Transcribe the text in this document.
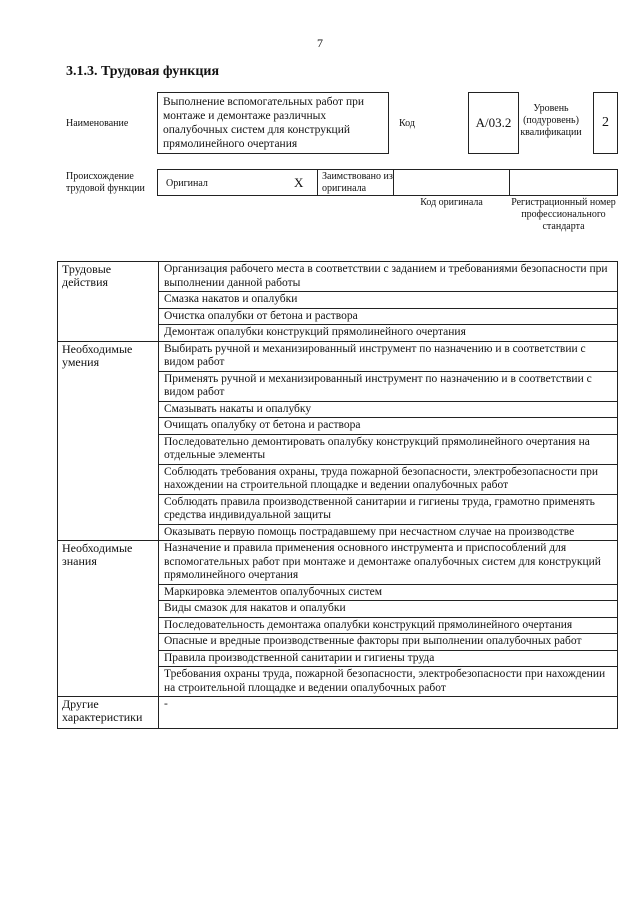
7
3.1.3. Трудовая функция
Наименование
Выполнение вспомогательных работ при монтаже и демонтаже различных опалубочных систем для конструкций прямолинейного очертания
Код	А/03.2
Уровень (подуровень) квалификации
2
Происхождение трудовой функции	Оригинал	X Заимствовано из оригинала
Код оригинала	Регистрационный номер профессионального стандарта
Трудовые действия	Организация рабочего места в соответствии с заданием и требованиями безопасности при выполнении данной работы
	Смазка накатов и опалубки
	Очистка опалубки от бетона и раствора
	Демонтаж опалубки конструкций прямолинейного очертания
Необходимые умения	Выбирать ручной и механизированный инструмент по назначению и в соответствии с видом работ
	Применять ручной и механизированный инструмент по назначению и в соответствии с видом работ
	Смазывать накаты и опалубку
	Очищать опалубку от бетона и раствора
	Последовательно демонтировать опалубку конструкций прямолинейного очертания на отдельные элементы
	Соблюдать требования охраны, труда пожарной безопасности, электробезопасности при нахождении на строительной площадке и ведении опалубочных работ
	Соблюдать правила производственной санитарии и гигиены труда, грамотно применять средства индивидуальной защиты
	Оказывать первую помощь пострадавшему при несчастном случае на производстве
Необходимые знания	Назначение и правила применения основного инструмента и приспособлений для вспомогательных работ при монтаже и демонтаже опалубочных систем для конструкций прямолинейного очертания
	Маркировка элементов опалубочных систем
	Виды смазок для накатов и опалубки
	Последовательность демонтажа опалубки конструкций прямолинейного очертания
	Опасные и вредные производственные факторы при выполнении опалубочных работ
	Правила производственной санитарии и гигиены труда
	Требования охраны труда, пожарной безопасности, электробезопасности при нахождении на строительной площадке и ведении опалубочных работ
Другие характеристики	-
